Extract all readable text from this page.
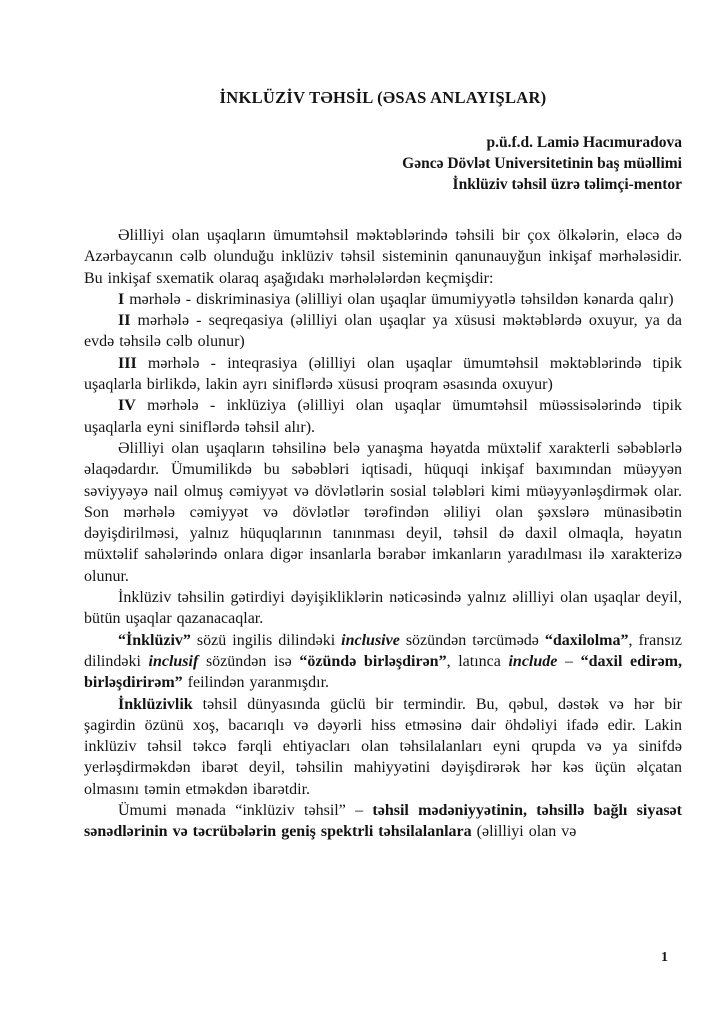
İNKLÜZİV TƏHSİL (ƏSAS ANLAYIŞLAR)
p.ü.f.d. Lamiə Hacımuradova
Gəncə Dövlət Universitetinin baş müəllimi
İnklüziv təhsil üzrə təlimçi-mentor

Əlilliyi olan uşaqların ümumtəhsil məktəblərində təhsili bir çox ölkələrin, eləcə də Azərbaycanın cəlb olunduğu inklüziv təhsil sisteminin qanunauyğun inkişaf mərhələsidir. Bu inkişaf sxematik olaraq aşağıdakı mərhələlərdən keçmişdir:

I mərhələ - diskriminasiya (əlilliyi olan uşaqlar ümumiyyətlə təhsildən kənarda qalır)

II mərhələ - seqreqasiya (əlilliyi olan uşaqlar ya xüsusi məktəblərdə oxuyur, ya da evdə təhsilə cəlb olunur)

III mərhələ - inteqrasiya (əlilliyi olan uşaqlar ümumtəhsil məktəblərində tipik uşaqlarla birlikdə, lakin ayrı siniflərdə xüsusi proqram əsasında oxuyur)

IV mərhələ - inklüziya (əlilliyi olan uşaqlar ümumtəhsil müəssisələrində tipik uşaqlarla eyni siniflərdə təhsil alır).

Əlilliyi olan uşaqların təhsilinə belə yanaşma həyatda müxtəlif xarakterli səbəblərlə əlaqədardır. Ümumilikdə bu səbəbləri iqtisadi, hüquqi inkişaf baxımından müəyyən səviyyəyə nail olmuş cəmiyyət və dövlətlərin sosial tələbləri kimi müəyyənləşdirmək olar. Son mərhələ cəmiyyət və dövlətlər tərəfindən əliliyi olan şəxslərə münasibətin dəyişdirilməsi, yalnız hüquqlarının tanınması deyil, təhsil də daxil olmaqla, həyatın müxtəlif sahələrində onlara digər insanlarla bərabər imkanların yaradılması ilə xarakterizə olunur.

İnklüziv təhsilin gətirdiyi dəyişikliklərin nəticəsində yalnız əlilliyi olan uşaqlar deyil, bütün uşaqlar qazanacaqlar.

“İnklüziv” sözü ingilis dilindəki inclusive sözündən tərcümədə “daxilolma”, fransız dilindəki inclusif sözündən isə “özündə birləşdirən”, latınca include – “daxil edirəm, birləşdirirəm” feilindən yaranmışdır.

İnklüzivlik təhsil dünyasında güclü bir termindir. Bu, qəbul, dəstək və hər bir şagirdin özünü xoş, bacarıqlı və dəyərli hiss etməsinə dair öhdəliyi ifadə edir. Lakin inklüziv təhsil təkcə fərqli ehtiyacları olan təhsilalanları eyni qrupda və ya sinifdə yerləşdirməkdən ibarət deyil, təhsilin mahiyyətini dəyişdirərək hər kəs üçün əlçatan olmasını təmin etməkdən ibarətdir.

Ümumi mənada “inklüziv təhsil” – təhsil mədəniyyətinin, təhsillə bağlı siyasət sənədlərinin və təcrübələrin geniş spektrli təhsilalanlara (əlilliyi olan və

1
